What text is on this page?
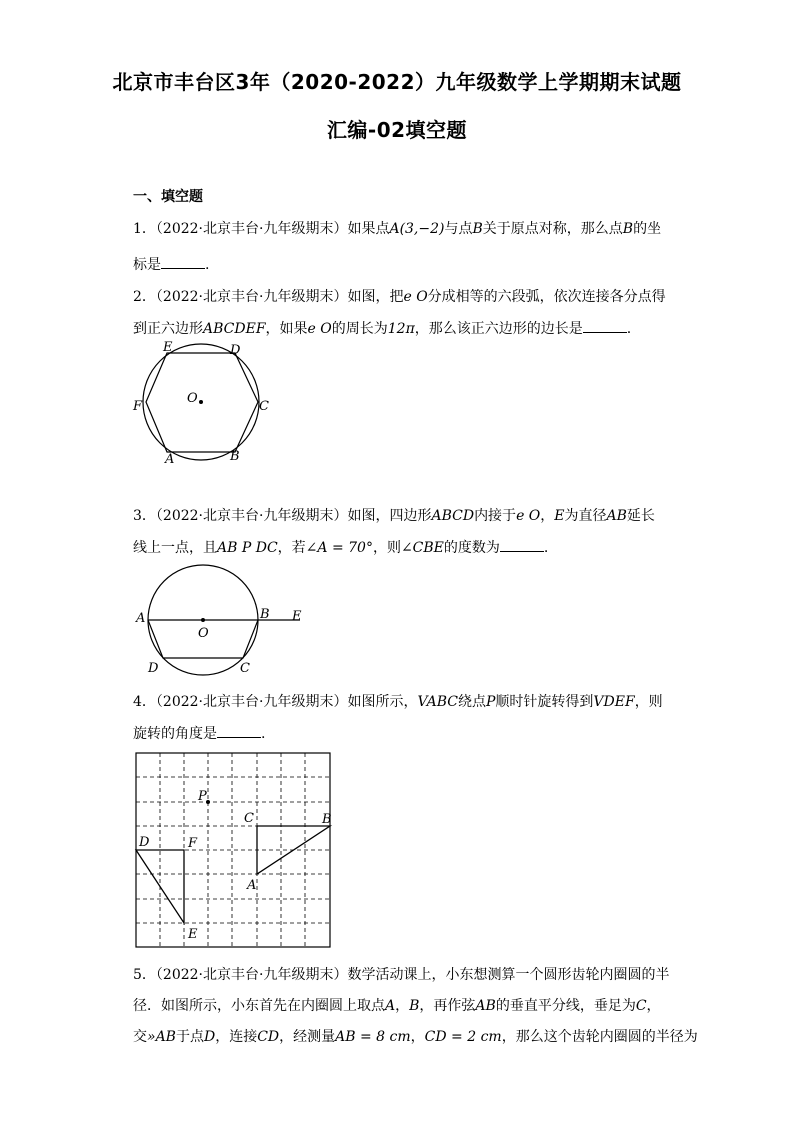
北京市丰台区3年（2020-2022）九年级数学上学期期末试题
汇编-02填空题
一、填空题
1．（2022·北京丰台·九年级期末）如果点A(3,−2)与点B关于原点对称，那么点B的坐
标是	.
2．（2022·北京丰台·九年级期末）如图，把e O分成相等的六段弧，依次连接各分点得
到正六边形ABCDEF，如果e O的周长为12π，那么该正六边形的边长是	.
E	D
F	C
A	B
O
3．（2022·北京丰台·九年级期末）如图，四边形ABCD内接于e O，E为直径AB延长
线上一点，且AB P DC，若∠A = 70°，则∠CBE的度数为	.
A	B E
O
D	C
4．（2022·北京丰台·九年级期末）如图所示，VABC绕点P顺时针旋转得到VDEF，则
旋转的角度是	.
P
C	B
D	F
A
E
5．（2022·北京丰台·九年级期末）数学活动课上，小东想测算一个圆形齿轮内圈圆的半
径．如图所示，小东首先在内圈圆上取点A，B，再作弦AB的垂直平分线，垂足为C，
交»AB于点D，连接CD，经测量AB = 8 cm，CD = 2 cm，那么这个齿轮内圈圆的半径为
